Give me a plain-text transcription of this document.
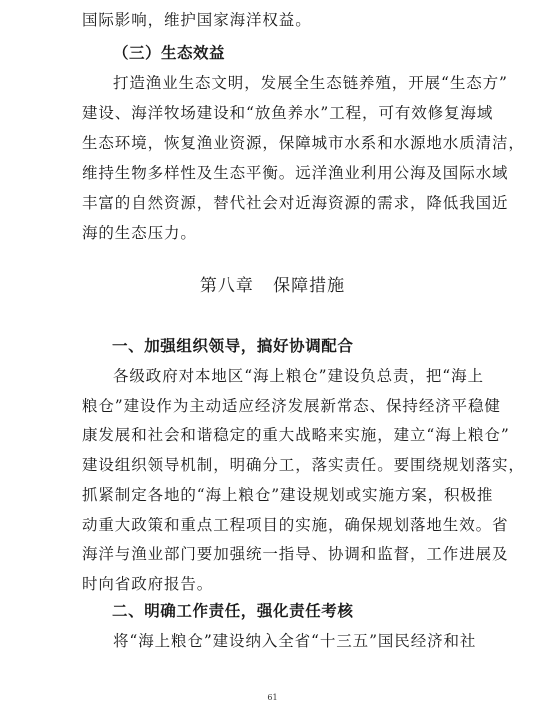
国际影响，维护国家海洋权益。
（三）生态效益
打造渔业生态文明，发展全生态链养殖，开展“生态方”
建设、海洋牧场建设和“放鱼养水”工程，可有效修复海域
生态环境，恢复渔业资源，保障城市水系和水源地水质清洁，
维持生物多样性及生态平衡。远洋渔业利用公海及国际水域
丰富的自然资源，替代社会对近海资源的需求，降低我国近
海的生态压力。
第八章   保障措施
一、加强组织领导，搞好协调配合
各级政府对本地区“海上粮仓”建设负总责，把“海上
粮仓”建设作为主动适应经济发展新常态、保持经济平稳健
康发展和社会和谐稳定的重大战略来实施，建立“海上粮仓”
建设组织领导机制，明确分工，落实责任。要围绕规划落实，
抓紧制定各地的“海上粮仓”建设规划或实施方案，积极推
动重大政策和重点工程项目的实施，确保规划落地生效。省
海洋与渔业部门要加强统一指导、协调和监督，工作进展及
时向省政府报告。
二、明确工作责任，强化责任考核
将“海上粮仓”建设纳入全省“十三五”国民经济和社
61
